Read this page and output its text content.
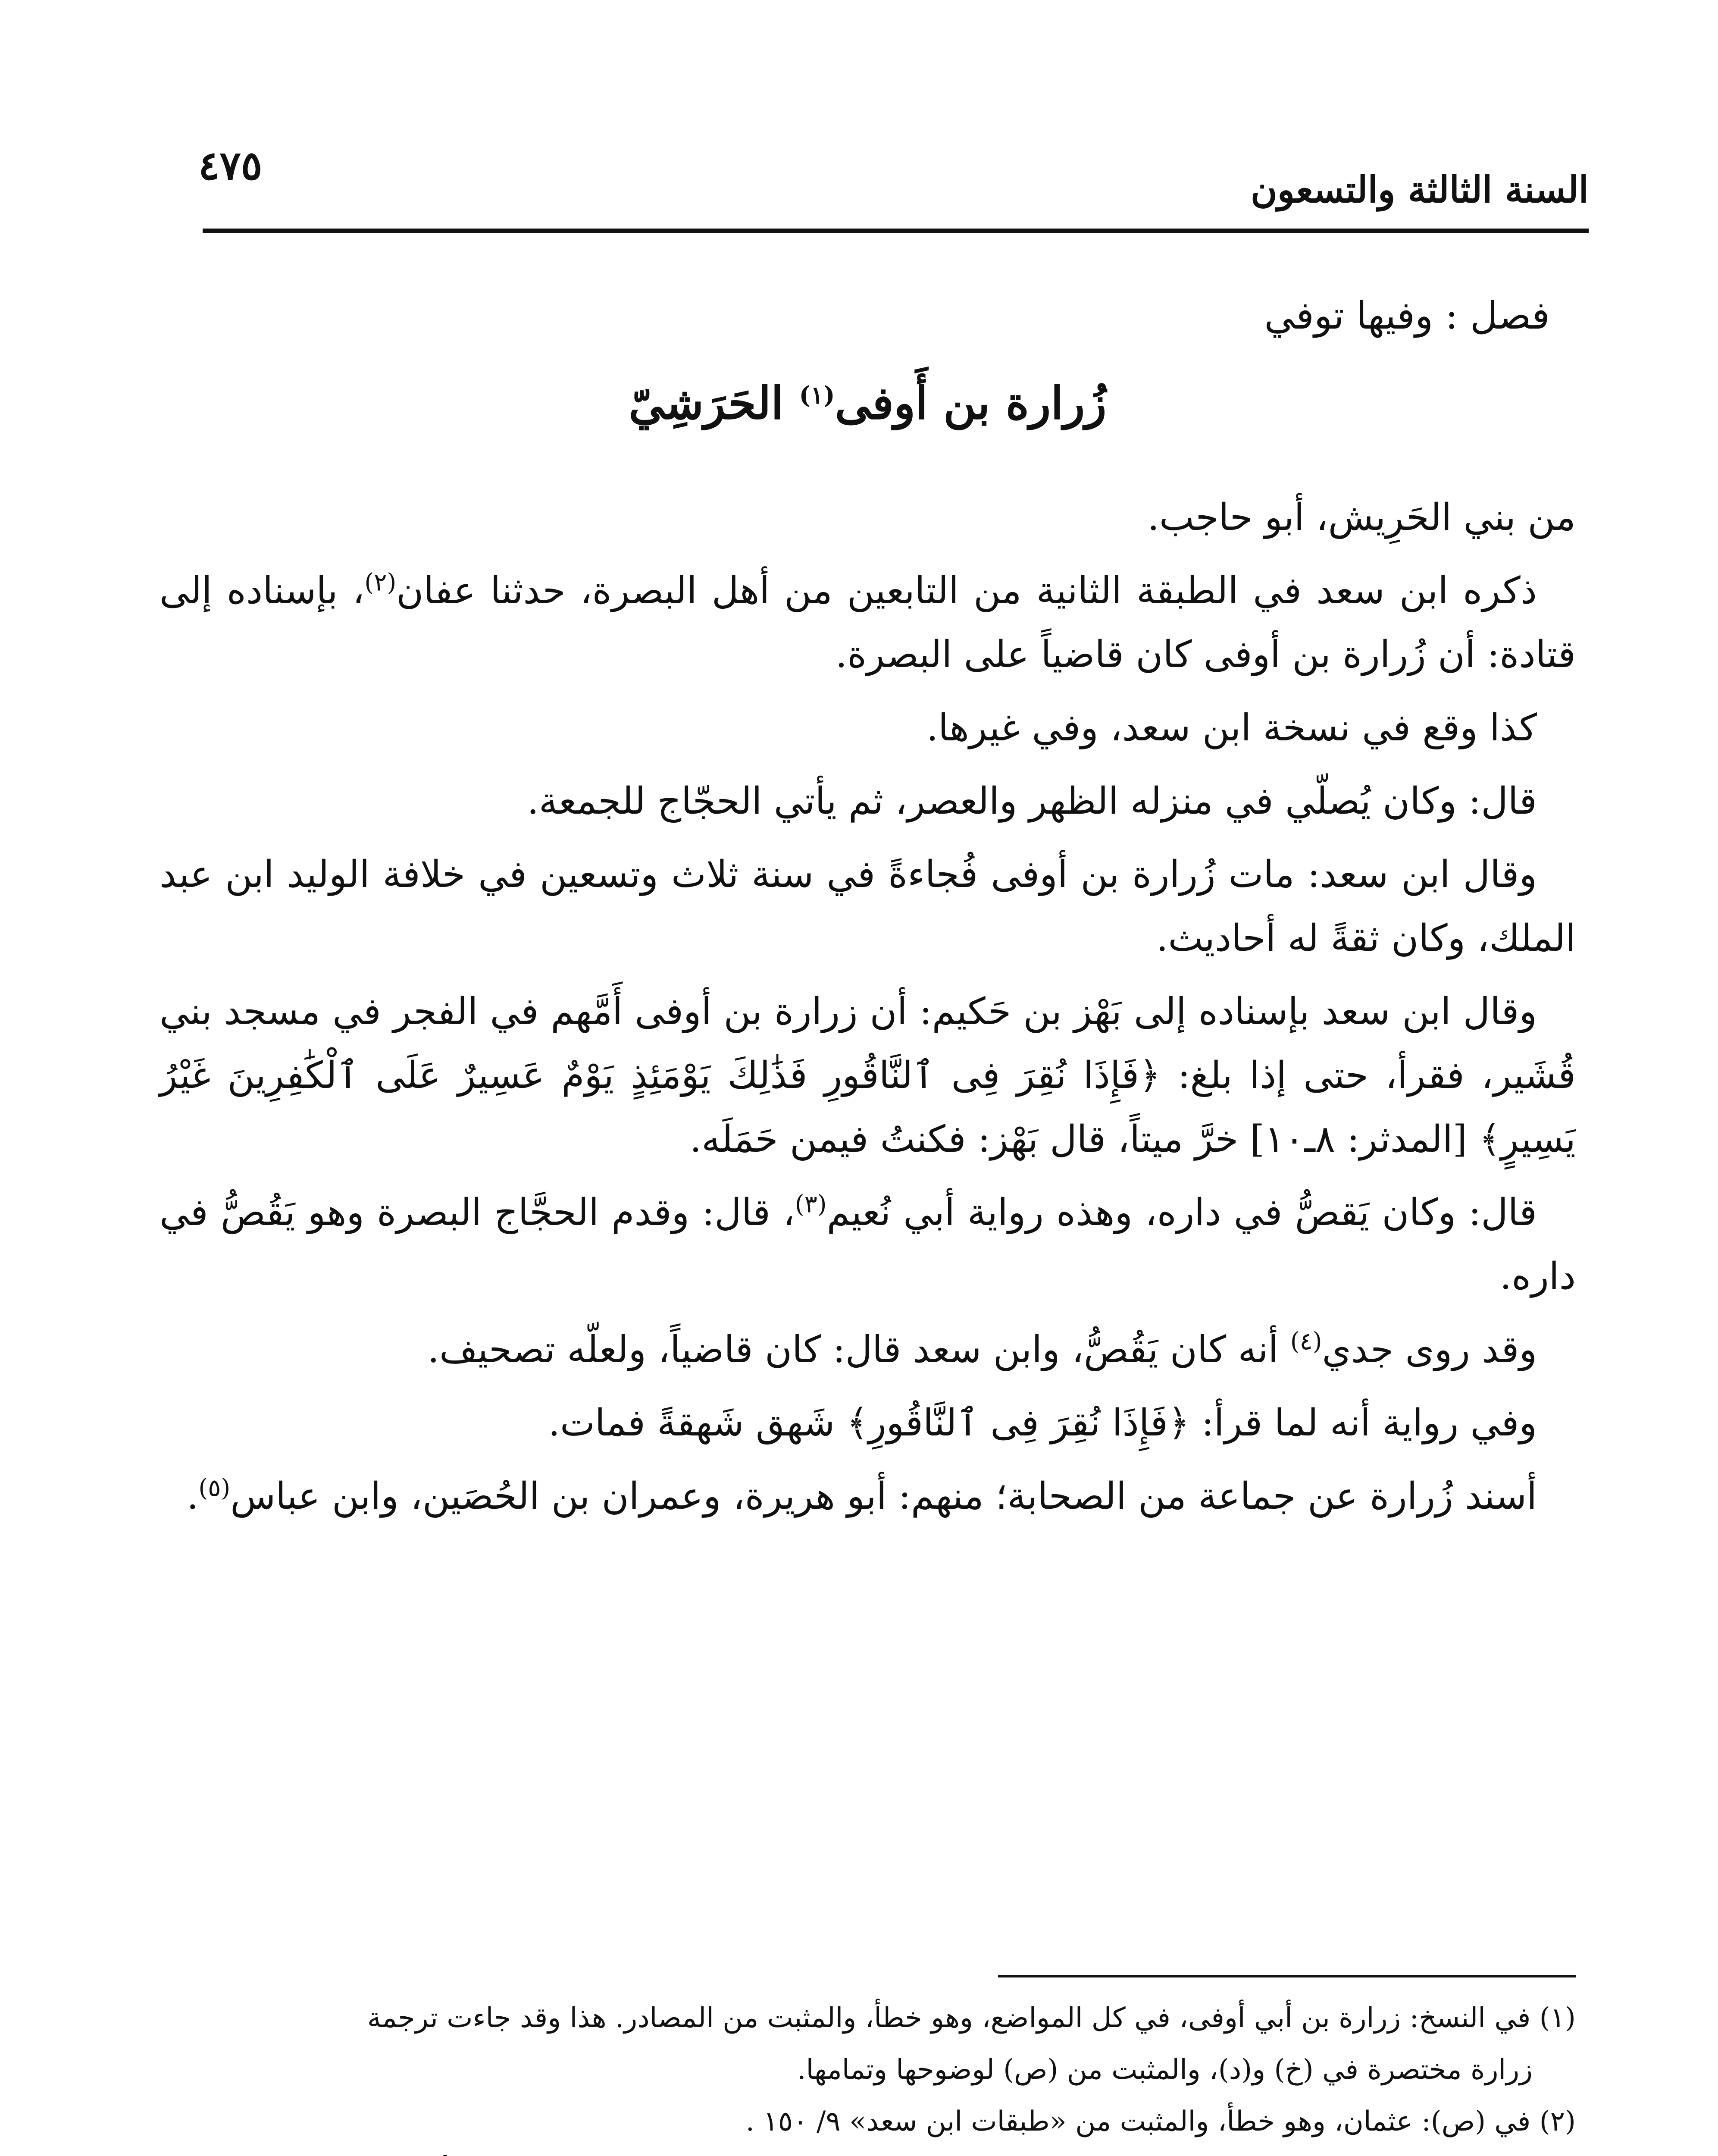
٤٧٥
السنة الثالثة والتسعون

فصل : وفيها توفي

زُرارة بن أَوفى$^{(١)}$ الحَرَشِيّ

من بني الحَرِيش، أبو حاجب.

ذكره ابن سعد في الطبقة الثانية من التابعين من أهل البصرة، حدثنا عفان$^{(٢)}$، بإسناده إلى قتادة: أن زُرارة بن أوفى كان قاضياً على البصرة.

كذا وقع في نسخة ابن سعد، وفي غيرها.

قال: وكان يُصلّي في منزله الظهر والعصر، ثم يأتي الحجّاج للجمعة.

وقال ابن سعد: مات زُرارة بن أوفى فُجاءةً في سنة ثلاث وتسعين في خلافة الوليد ابن عبد الملك، وكان ثقةً له أحاديث.

وقال ابن سعد بإسناده إلى بَهْز بن حَكيم: أن زرارة بن أوفى أَمَّهم في الفجر في مسجد بني قُشَير، فقرأ، حتى إذا بلغ: ﴿فَإِذَا نُقِرَ فِى ٱلنَّاقُورِ فَذَٰلِكَ يَوْمَئِذٍ يَوْمٌ عَسِيرٌ عَلَى ٱلْكَٰفِرِينَ غَيْرُ يَسِيرٍ﴾ [المدثر: ٨ـ١٠] خرَّ ميتاً، قال بَهْز: فكنتُ فيمن حَمَلَه.

قال: وكان يَقصُّ في داره، وهذه رواية أبي نُعيم$^{(٣)}$، قال: وقدم الحجَّاج البصرة وهو يَقُصُّ في داره.

وقد روى جدي$^{(٤)}$ أنه كان يَقُصُّ، وابن سعد قال: كان قاضياً، ولعلّه تصحيف.

وفي رواية أنه لما قرأ: ﴿فَإِذَا نُقِرَ فِى ٱلنَّاقُورِ﴾ شَهق شَهقةً فمات.

أسند زُرارة عن جماعة من الصحابة؛ منهم: أبو هريرة، وعمران بن الحُصَين، وابن عباس$^{(٥)}$.

(١) في النسخ: زرارة بن أبي أوفى، في كل المواضع، وهو خطأ، والمثبت من المصادر. هذا وقد جاءت ترجمة
زرارة مختصرة في (خ) و(د)، والمثبت من (ص) لوضوحها وتمامها.

(٢) في (ص): عثمان، وهو خطأ، والمثبت من «طبقات ابن سعد» ٩/ ١٥٠ .
